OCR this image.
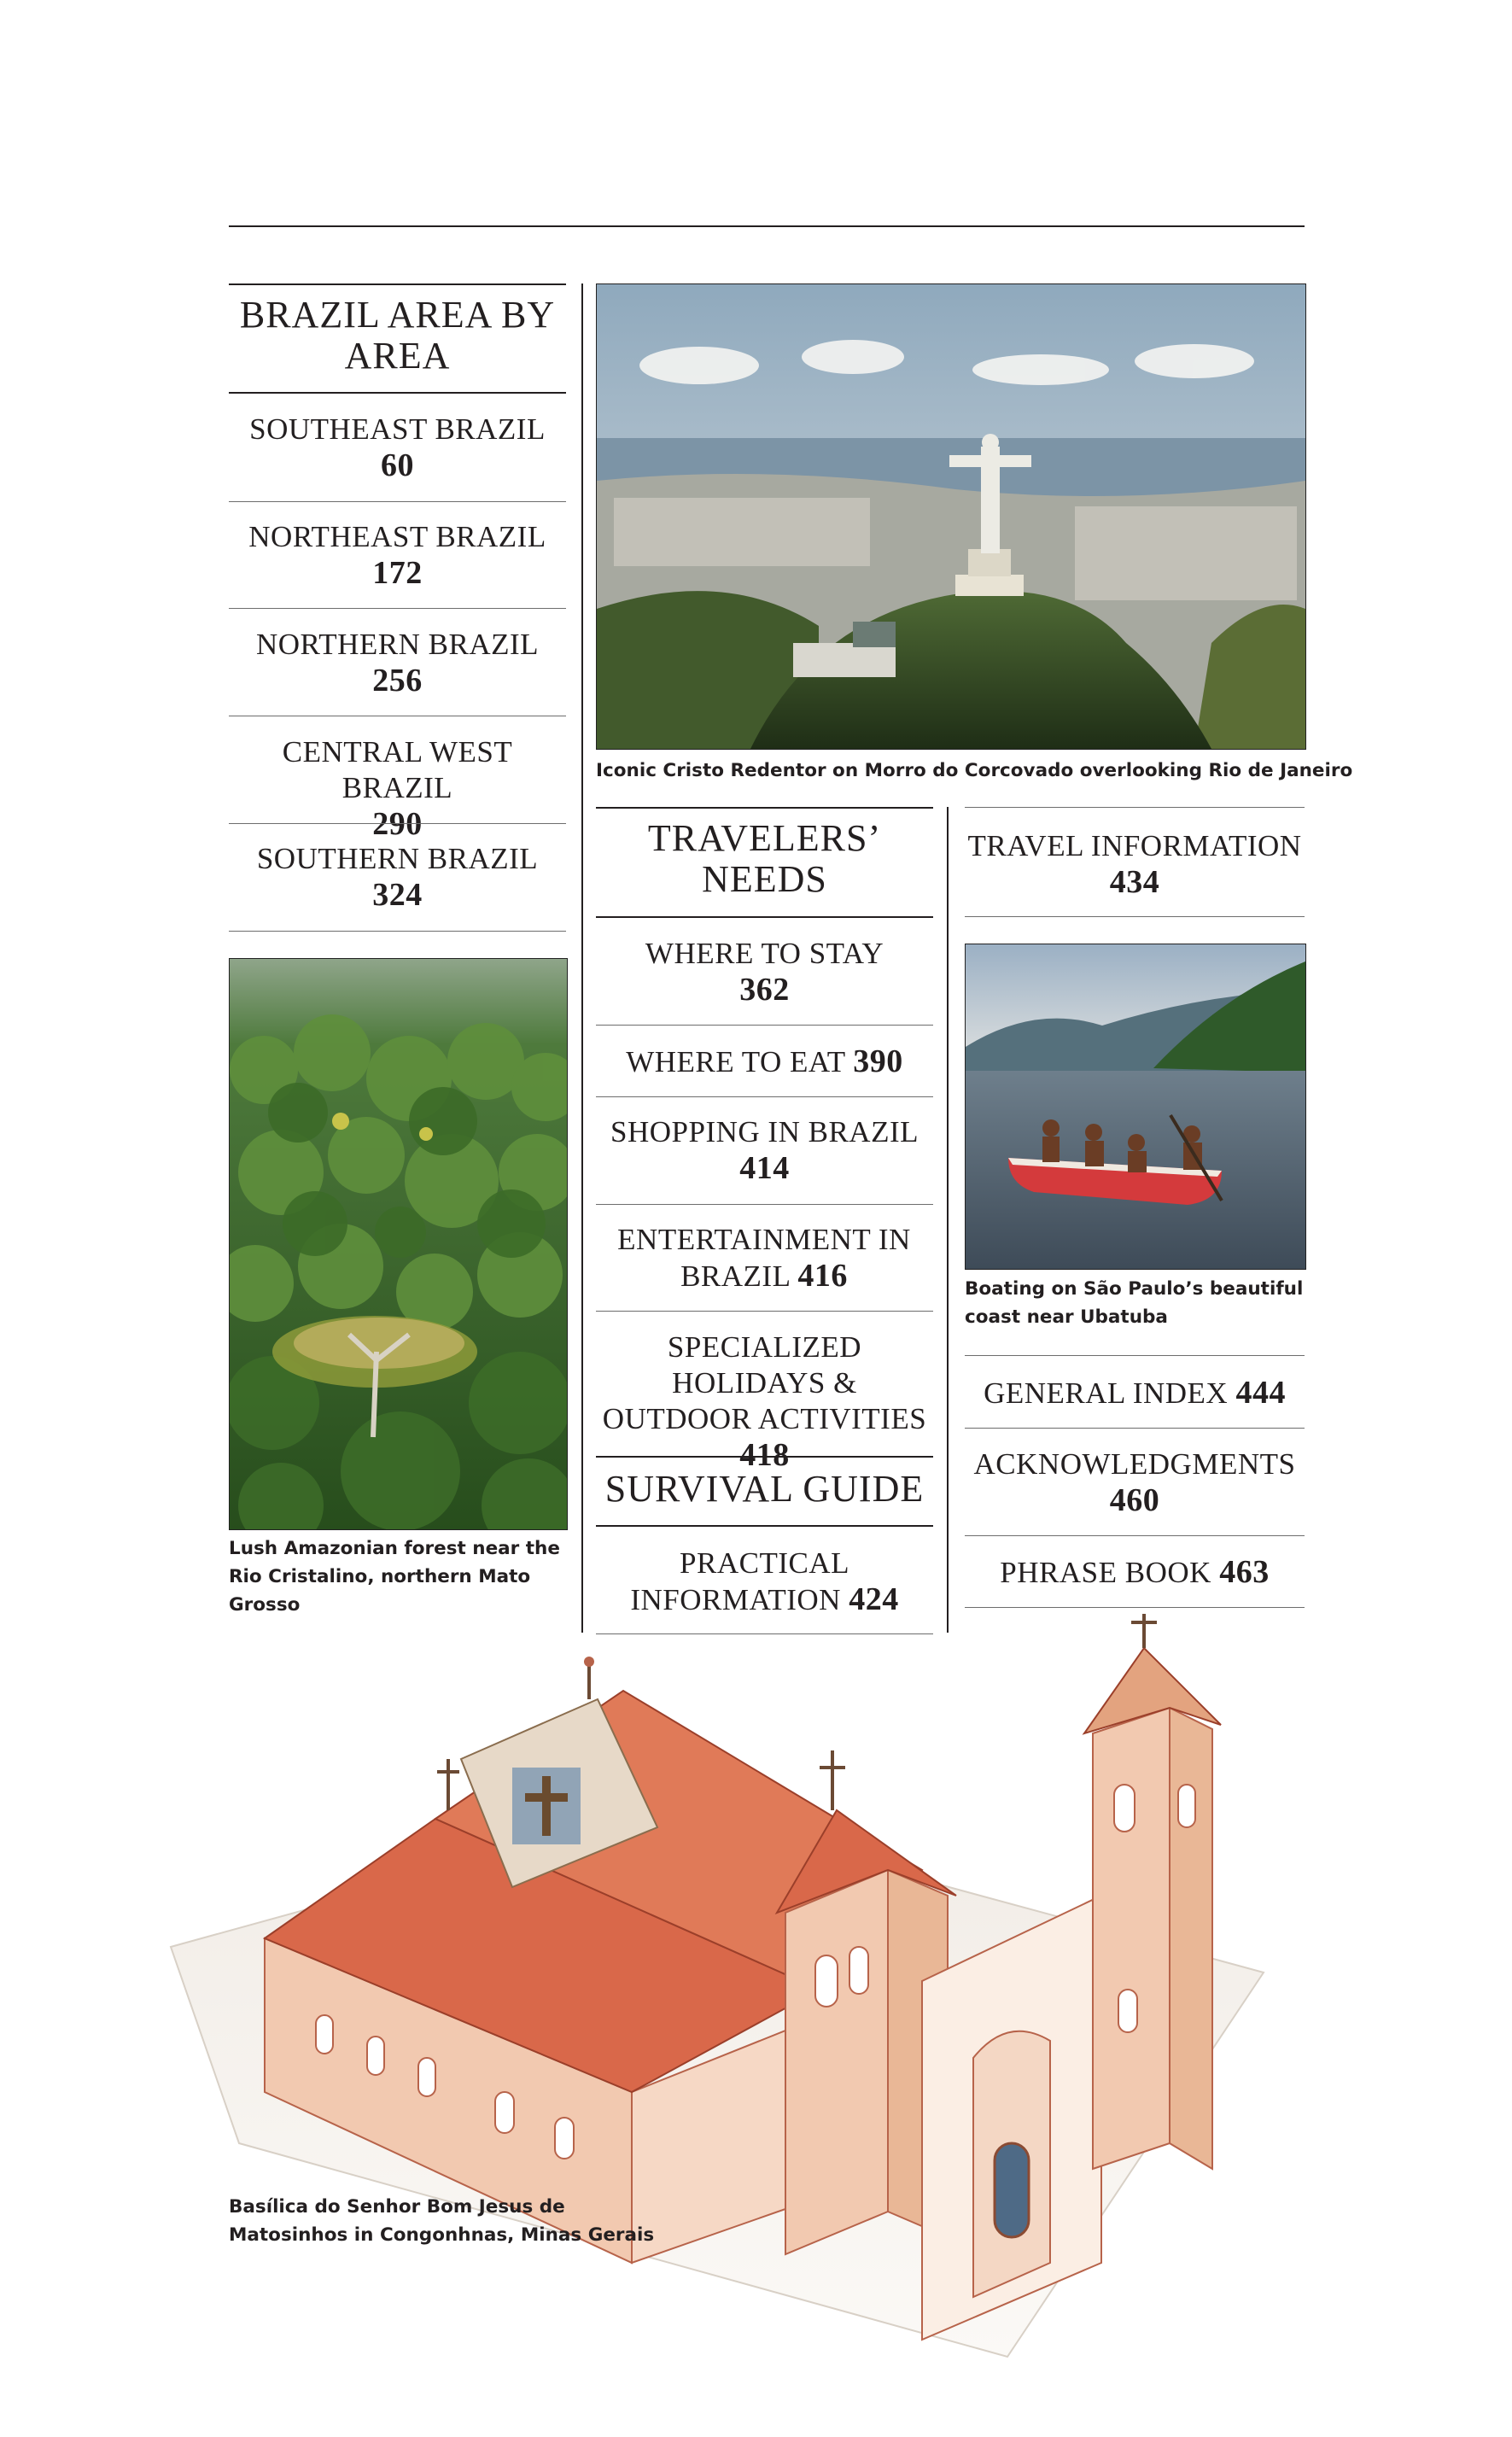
BRAZIL AREA BY AREA
SOUTHEAST BRAZIL
60
NORTHEAST BRAZIL
172
NORTHERN BRAZIL
256
CENTRAL WEST BRAZIL
290
SOUTHERN BRAZIL
324
Lush Amazonian forest near the Rio Cristalino, northern Mato Grosso
Iconic Cristo Redentor on Morro do Corcovado overlooking Rio de Janeiro
TRAVELERS’ NEEDS
WHERE TO STAY
362
WHERE TO EAT 390
SHOPPING IN BRAZIL
414
ENTERTAINMENT IN BRAZIL 416
SPECIALIZED HOLIDAYS & OUTDOOR ACTIVITIES 418
SURVIVAL GUIDE
PRACTICAL INFORMATION 424
TRAVEL INFORMATION
434
Boating on São Paulo’s beautiful coast near Ubatuba
GENERAL INDEX 444
ACKNOWLEDGMENTS
460
PHRASE BOOK 463
Basílica do Senhor Bom Jesus de Matosinhos in Congonhnas, Minas Gerais
